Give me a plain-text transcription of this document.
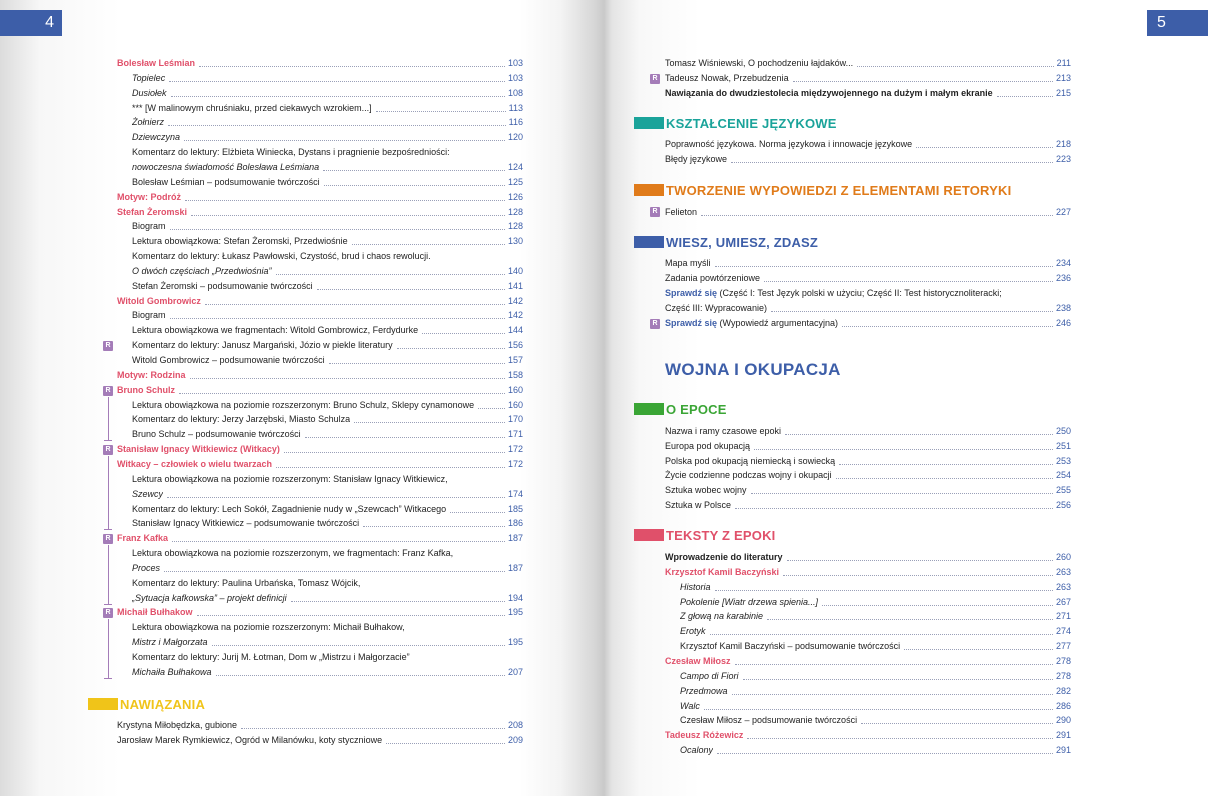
4	5
Bolesław Leśmian	103
Topielec	103
Dusiołek	108
*** [W malinowym chruśniaku, przed ciekawych wzrokiem...]	113
Żołnierz	116
Dziewczyna	120
Komentarz do lektury: Elżbieta Winiecka, Dystans i pragnienie bezpośredniości:
nowoczesna świadomość Bolesława Leśmiana	124
Bolesław Leśmian – podsumowanie twórczości	125
Motyw: Podróż	126
Stefan Żeromski	128
Biogram	128
Lektura obowiązkowa: Stefan Żeromski, Przedwiośnie	130
Komentarz do lektury: Łukasz Pawłowski, Czystość, brud i chaos rewolucji.
O dwóch częściach „Przedwiośnia”	140
Stefan Żeromski – podsumowanie twórczości	141
Witold Gombrowicz	142
Biogram	142
Lektura obowiązkowa we fragmentach: Witold Gombrowicz, Ferdydurke	144
Komentarz do lektury: Janusz Margański, Józio w piekle literatury	156
Witold Gombrowicz – podsumowanie twórczości	157
Motyw: Rodzina	158
Bruno Schulz	160
Lektura obowiązkowa na poziomie rozszerzonym: Bruno Schulz, Sklepy cynamonowe	160
Komentarz do lektury: Jerzy Jarzębski, Miasto Schulza	170
Bruno Schulz – podsumowanie twórczości	171
Stanisław Ignacy Witkiewicz (Witkacy)	172
Witkacy – człowiek o wielu twarzach	172
Lektura obowiązkowa na poziomie rozszerzonym: Stanisław Ignacy Witkiewicz,
Szewcy	174
Komentarz do lektury: Lech Sokół, Zagadnienie nudy w „Szewcach” Witkacego	185
Stanisław Ignacy Witkiewicz – podsumowanie twórczości	186
Franz Kafka	187
Lektura obowiązkowa na poziomie rozszerzonym, we fragmentach: Franz Kafka,
Proces	187
Komentarz do lektury: Paulina Urbańska, Tomasz Wójcik,
„Sytuacja kafkowska” – projekt definicji	194
Michaił Bułhakow	195
Lektura obowiązkowa na poziomie rozszerzonym: Michaił Bułhakow,
Mistrz i Małgorzata	195
Komentarz do lektury: Jurij M. Łotman, Dom w „Mistrzu i Małgorzacie”
Michaiła Bułhakowa	207
R
R
R
R
R
NAWIĄZANIA
Krystyna Miłobędzka, gubione	208
Jarosław Marek Rymkiewicz, Ogród w Milanówku, koty styczniowe	209
Tomasz Wiśniewski, O pochodzeniu łajdaków...	211
Tadeusz Nowak, Przebudzenia	213
Nawiązania do dwudziestolecia międzywojennego na dużym i małym ekranie	215
R
KSZTAŁCENIE JĘZYKOWE
Poprawność językowa. Norma językowa i innowacje językowe	218
Błędy językowe	223
TWORZENIE WYPOWIEDZI Z ELEMENTAMI RETORYKI
Felieton	227
WIESZ, UMIESZ, ZDASZ
Mapa myśli	234
Zadania powtórzeniowe	236
Sprawdź się (Część I: Test Język polski w użyciu; Część II: Test historycznoliteracki;
Część III: Wypracowanie)	238
Sprawdź się (Wypowiedź argumentacyjna)	246
R
R
O EPOCE
Nazwa i ramy czasowe epoki	250
Europa pod okupacją	251
Polska pod okupacją niemiecką i sowiecką	253
Życie codzienne podczas wojny i okupacji	254
Sztuka wobec wojny	255
Sztuka w Polsce	256
TEKSTY Z EPOKI
Wprowadzenie do literatury	260
Krzysztof Kamil Baczyński	263
Historia	263
Pokolenie [Wiatr drzewa spienia...]	267
Z głową na karabinie	271
Erotyk	274
Krzysztof Kamil Baczyński – podsumowanie twórczości	277
Czesław Miłosz	278
Campo di Fiori	278
Przedmowa	282
Walc	286
Czesław Miłosz – podsumowanie twórczości	290
Tadeusz Różewicz	291
Ocalony	291
WOJNA I OKUPACJA
